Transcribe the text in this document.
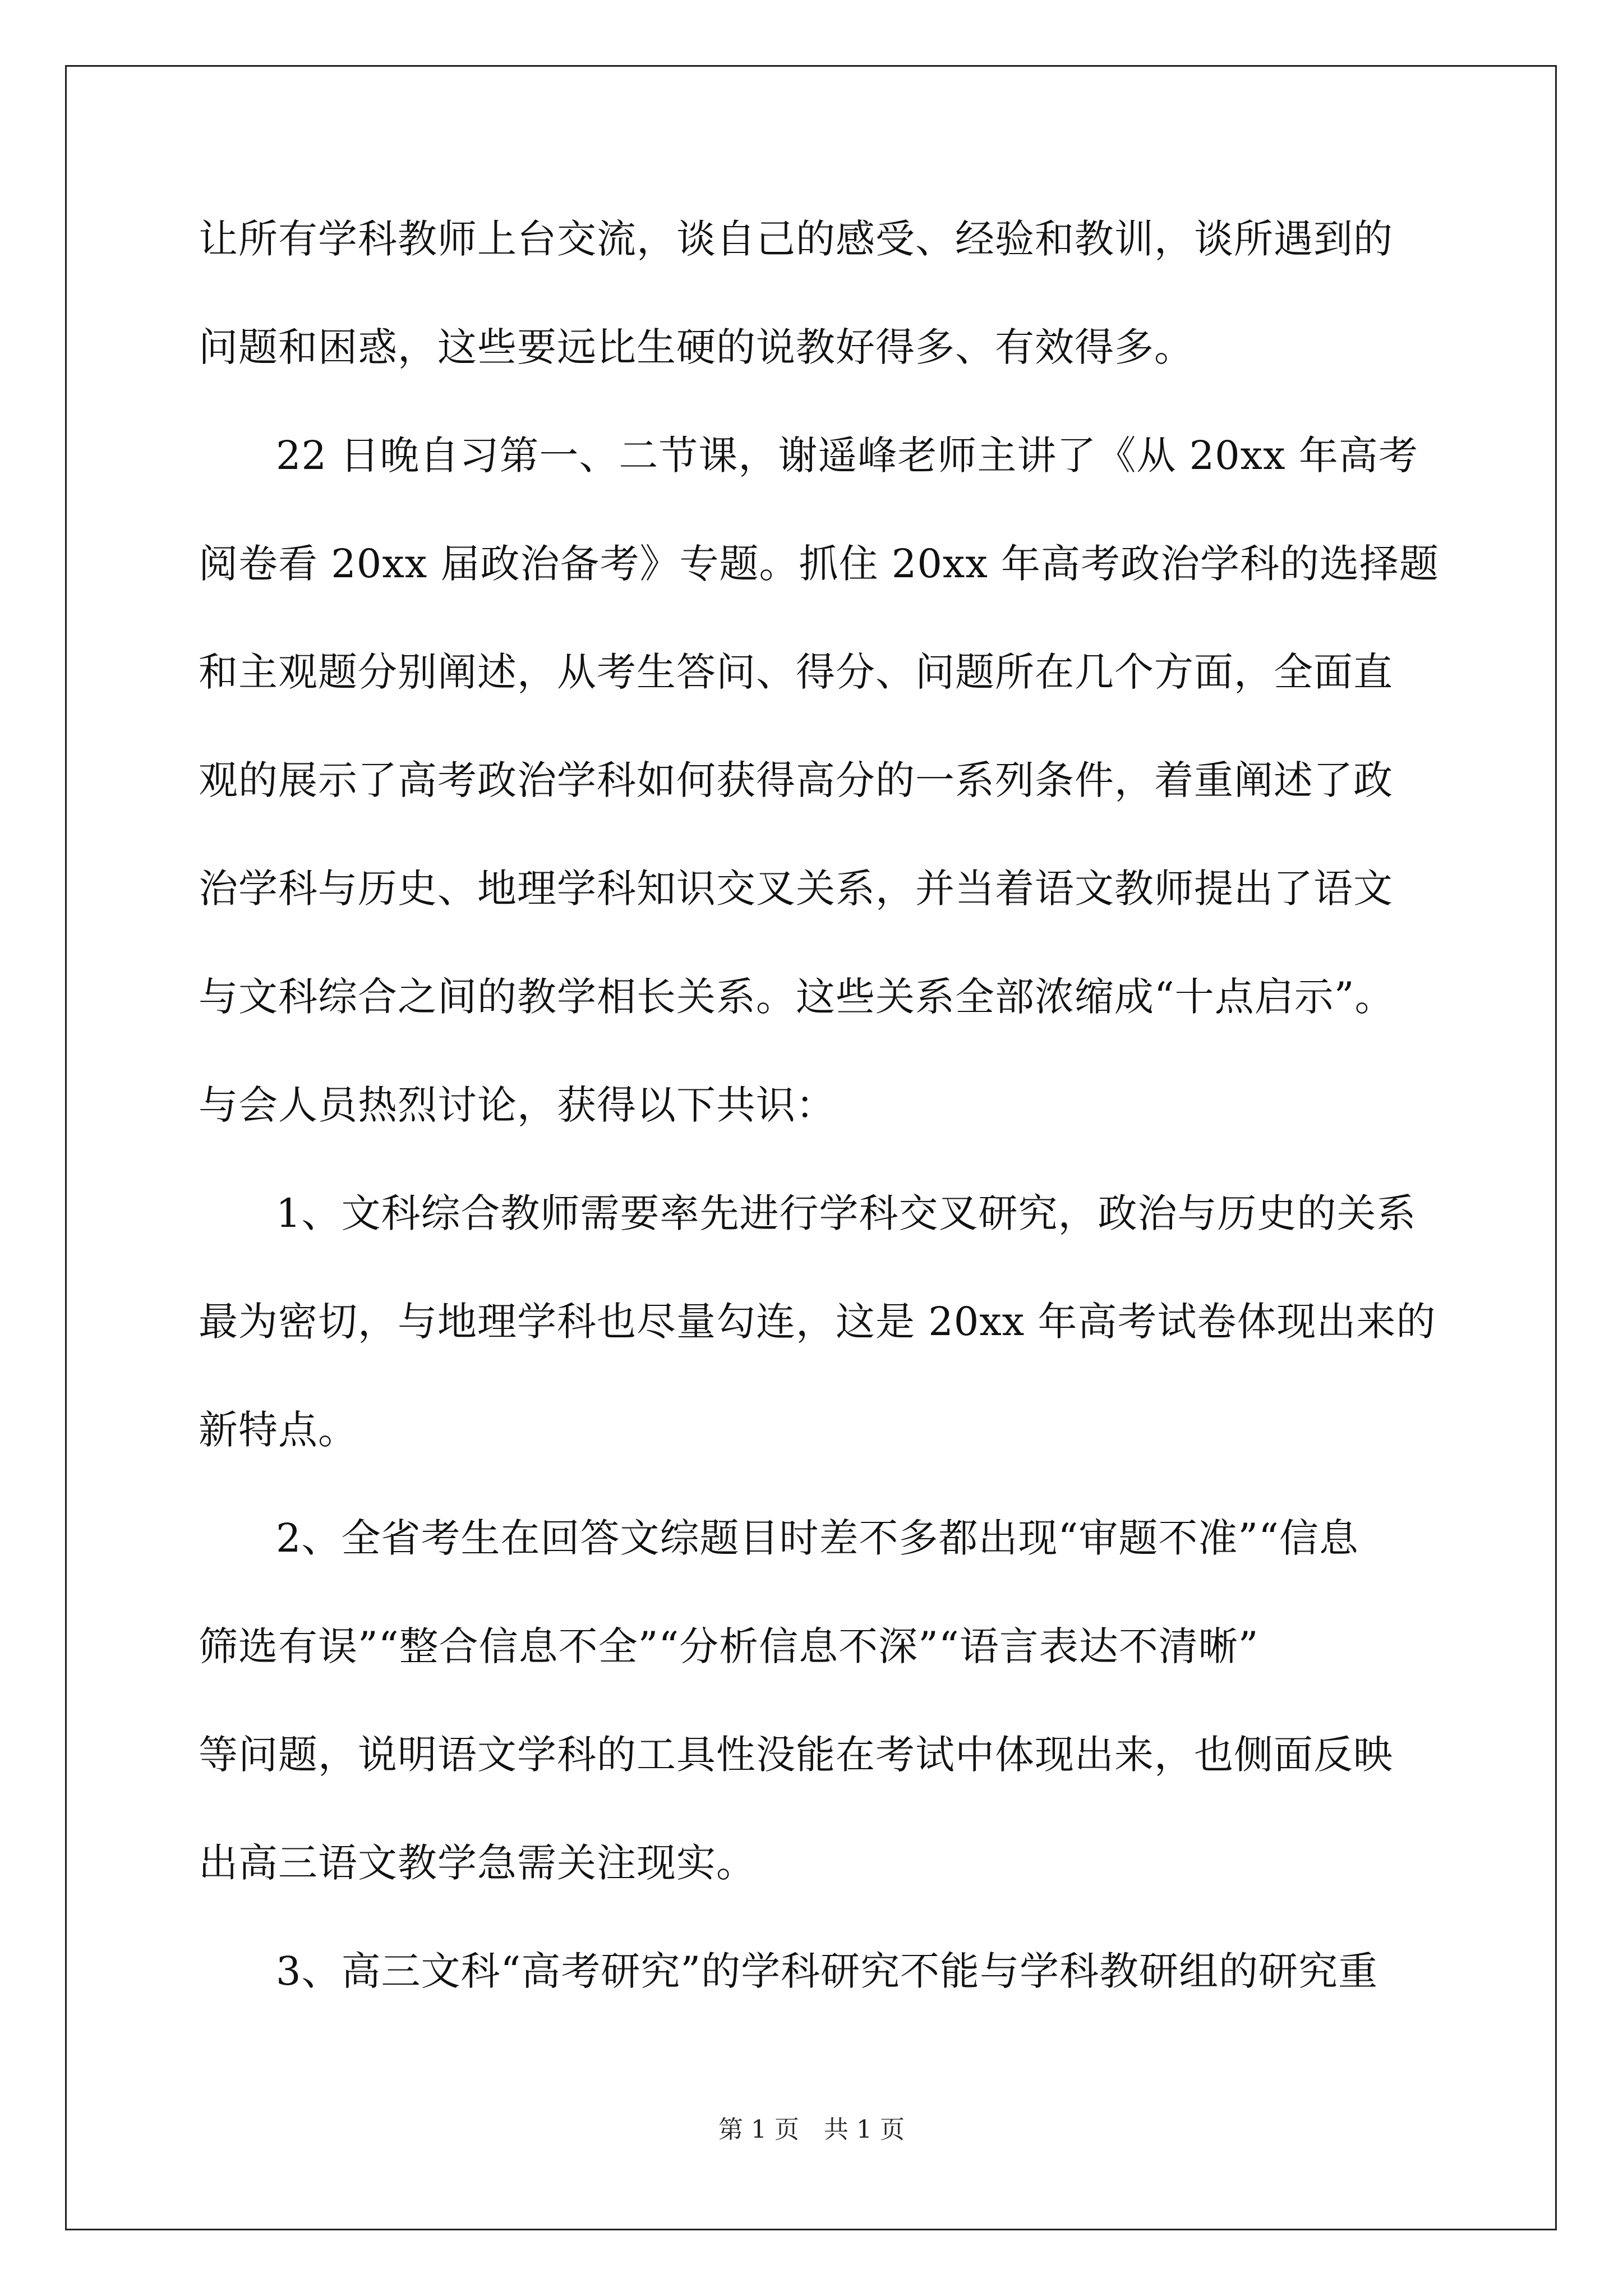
让所有学科教师上台交流，谈自己的感受、经验和教训，谈所遇到的
问题和困惑，这些要远比生硬的说教好得多、有效得多。
22 日晚自习第一、二节课，谢遥峰老师主讲了《从 20xx 年高考
阅卷看 20xx 届政治备考》专题。抓住 20xx 年高考政治学科的选择题
和主观题分别阐述，从考生答问、得分、问题所在几个方面，全面直
观的展示了高考政治学科如何获得高分的一系列条件，着重阐述了政
治学科与历史、地理学科知识交叉关系，并当着语文教师提出了语文
与文科综合之间的教学相长关系。这些关系全部浓缩成“十点启示”。
与会人员热烈讨论，获得以下共识：
1、文科综合教师需要率先进行学科交叉研究，政治与历史的关系
最为密切，与地理学科也尽量勾连，这是 20xx 年高考试卷体现出来的
新特点。
2、全省考生在回答文综题目时差不多都出现“审题不准”“信息
筛选有误”“整合信息不全”“分析信息不深”“语言表达不清晰”
等问题，说明语文学科的工具性没能在考试中体现出来，也侧面反映
出高三语文教学急需关注现实。
3、高三文科“高考研究”的学科研究不能与学科教研组的研究重
第 1 页　共 1 页
